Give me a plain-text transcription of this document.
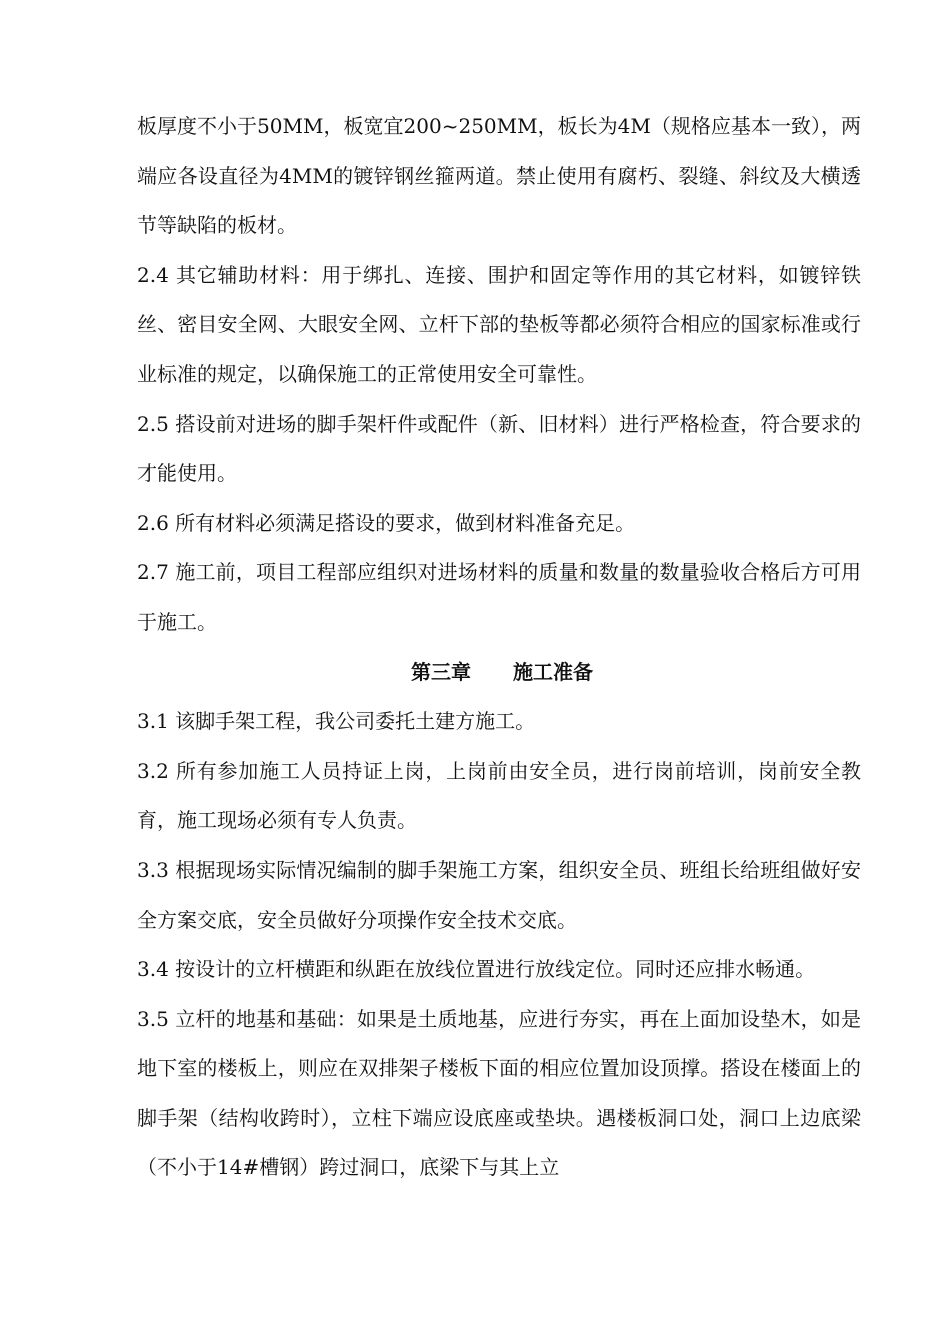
板厚度不小于50MM，板宽宜200~250MM，板长为4M（规格应基本一致），两端应各设直径为4MM的镀锌钢丝箍两道。禁止使用有腐朽、裂缝、斜纹及大横透节等缺陷的板材。

2.4 其它辅助材料：用于绑扎、连接、围护和固定等作用的其它材料，如镀锌铁丝、密目安全网、大眼安全网、立杆下部的垫板等都必须符合相应的国家标准或行业标准的规定，以确保施工的正常使用安全可靠性。

2.5 搭设前对进场的脚手架杆件或配件（新、旧材料）进行严格检查，符合要求的才能使用。

2.6 所有材料必须满足搭设的要求，做到材料准备充足。

2.7 施工前，项目工程部应组织对进场材料的质量和数量的数量验收合格后方可用于施工。

第三章 施工准备

3.1 该脚手架工程，我公司委托土建方施工。

3.2 所有参加施工人员持证上岗，上岗前由安全员，进行岗前培训，岗前安全教育，施工现场必须有专人负责。

3.3 根据现场实际情况编制的脚手架施工方案，组织安全员、班组长给班组做好安全方案交底，安全员做好分项操作安全技术交底。

3.4 按设计的立杆横距和纵距在放线位置进行放线定位。同时还应排水畅通。

3.5 立杆的地基和基础：如果是土质地基，应进行夯实，再在上面加设垫木，如是地下室的楼板上，则应在双排架子楼板下面的相应位置加设顶撑。搭设在楼面上的脚手架（结构收跨时），立柱下端应设底座或垫块。遇楼板洞口处，洞口上边底梁（不小于14#槽钢）跨过洞口，底梁下与其上立
